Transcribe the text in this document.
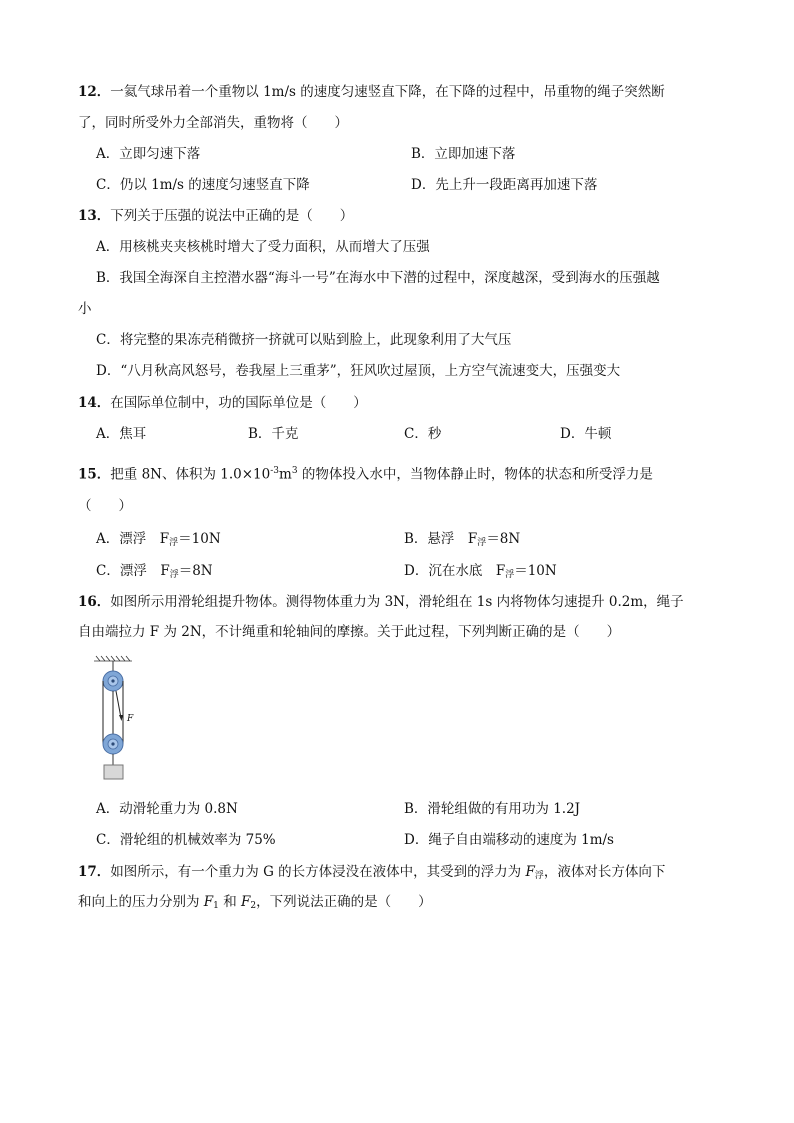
12．一氦气球吊着一个重物以 1m/s 的速度匀速竖直下降，在下降的过程中，吊重物的绳子突然断
了，同时所受外力全部消失，重物将（　　）
A．立即匀速下落	B．立即加速下落
C．仍以 1m/s 的速度匀速竖直下降	D．先上升一段距离再加速下落
13．下列关于压强的说法中正确的是（　　）
A．用核桃夹夹核桃时增大了受力面积，从而增大了压强
B．我国全海深自主控潜水器“海斗一号”在海水中下潜的过程中，深度越深，受到海水的压强越
小
C．将完整的果冻壳稍微挤一挤就可以贴到脸上，此现象利用了大气压
D．“八月秋高风怒号，卷我屋上三重茅”，狂风吹过屋顶，上方空气流速变大，压强变大
14．在国际单位制中，功的国际单位是（　　）
A．焦耳	B．千克	C．秒	D．牛顿
15．把重 8N、体积为 $1.0\times 10^{-3}m^3$ 的物体投入水中，当物体静止时，物体的状态和所受浮力是
（　　）
A．漂浮　$F_浮=10N$	B．悬浮　$F_浮=8N$
C．漂浮　$F_浮=8N$	D．沉在水底　$F_浮=10N$
16．如图所示用滑轮组提升物体。测得物体重力为 3N，滑轮组在 1s 内将物体匀速提升 0.2m，绳子
自由端拉力 F 为 2N，不计绳重和轮轴间的摩擦。关于此过程，下列判断正确的是（　　）
F
A．动滑轮重力为 0.8N	B．滑轮组做的有用功为 1.2J
C．滑轮组的机械效率为 75%	D．绳子自由端移动的速度为 1m/s
17．如图所示，有一个重力为 G 的长方体浸没在液体中，其受到的浮力为 $F_浮$，液体对长方体向下
和向上的压力分别为 $F_1$ 和 $F_2$，下列说法正确的是（　　）
